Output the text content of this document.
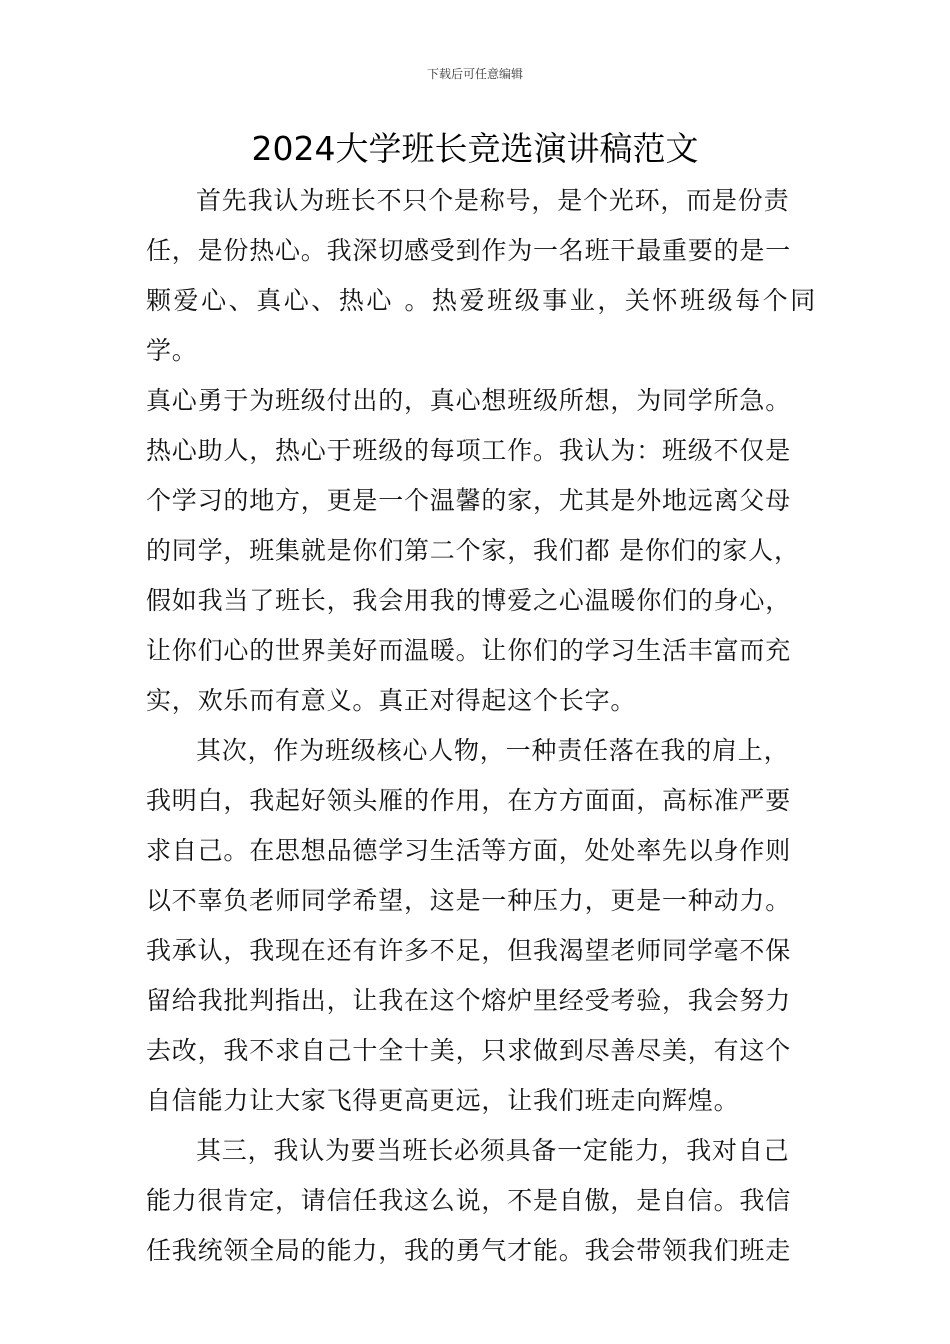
下载后可任意编辑
2024大学班长竞选演讲稿范文

首先我认为班长不只个是称号，是个光环，而是份责
任，是份热心。我深切感受到作为一名班干最重要的是一
颗爱心、真心、热心 。热爱班级事业，关怀班级每个同学。
真心勇于为班级付出的，真心想班级所想，为同学所急。
热心助人，热心于班级的每项工作。我认为：班级不仅是
个学习的地方，更是一个温馨的家，尤其是外地远离父母
的同学，班集就是你们第二个家，我们都 是你们的家人，
假如我当了班长，我会用我的博爱之心温暖你们的身心，
让你们心的世界美好而温暖。让你们的学习生活丰富而充
实，欢乐而有意义。真正对得起这个长字。

其次，作为班级核心人物，一种责任落在我的肩上，
我明白，我起好领头雁的作用，在方方面面，高标准严要
求自己。在思想品德学习生活等方面，处处率先以身作则
以不辜负老师同学希望，这是一种压力，更是一种动力。
我承认，我现在还有许多不足，但我渴望老师同学毫不保
留给我批判指出，让我在这个熔炉里经受考验，我会努力
去改，我不求自己十全十美，只求做到尽善尽美，有这个
自信能力让大家飞得更高更远，让我们班走向辉煌。

其三，我认为要当班长必须具备一定能力，我对自己
能力很肯定，请信任我这么说，不是自傲，是自信。我信
任我统领全局的能力，我的勇气才能。我会带领我们班走
